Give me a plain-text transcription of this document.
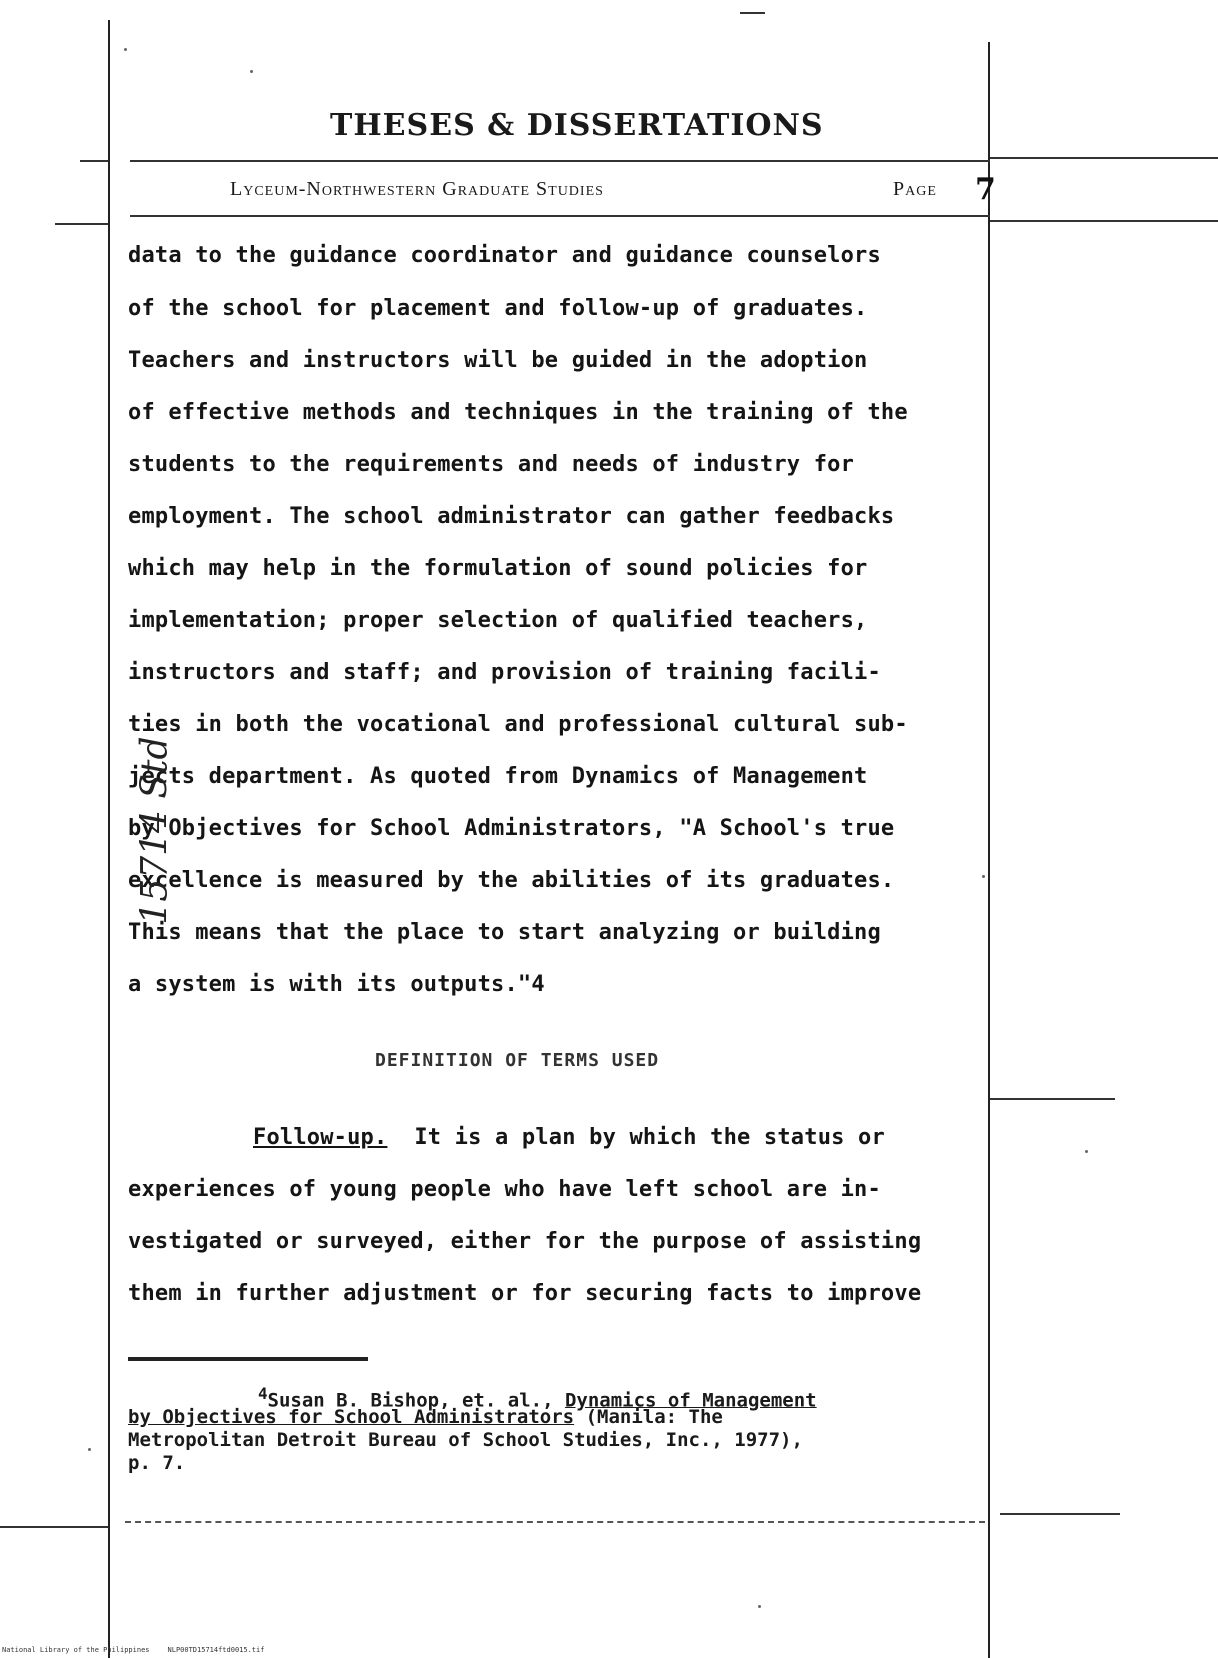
THESES & DISSERTATIONS
Lyceum-Northwestern Graduate Studies	Page 7
data to the guidance coordinator and guidance counselors
of the school for placement and follow-up of graduates.
Teachers and instructors will be guided in the adoption
of effective methods and techniques in the training of the
students to the requirements and needs of industry for
employment. The school administrator can gather feedbacks
which may help in the formulation of sound policies for
implementation; proper selection of qualified teachers,
instructors and staff; and provision of training facili-
ties in both the vocational and professional cultural sub-
jects department. As quoted from Dynamics of Management
by Objectives for School Administrators, "A School's true
excellence is measured by the abilities of its graduates.
This means that the place to start analyzing or building
a system is with its outputs."4
DEFINITION OF TERMS USED
Follow-up. It is a plan by which the status or
experiences of young people who have left school are in-
vestigated or surveyed, either for the purpose of assisting
them in further adjustment or for securing facts to improve
$^4$Susan B. Bishop, et. al., Dynamics of Management
by Objectives for School Administrators (Manila: The
Metropolitan Detroit Bureau of School Studies, Inc., 1977),
p. 7.
15714 Std
National Library of the Philippines	NLP00TD15714ftd0015.tif
